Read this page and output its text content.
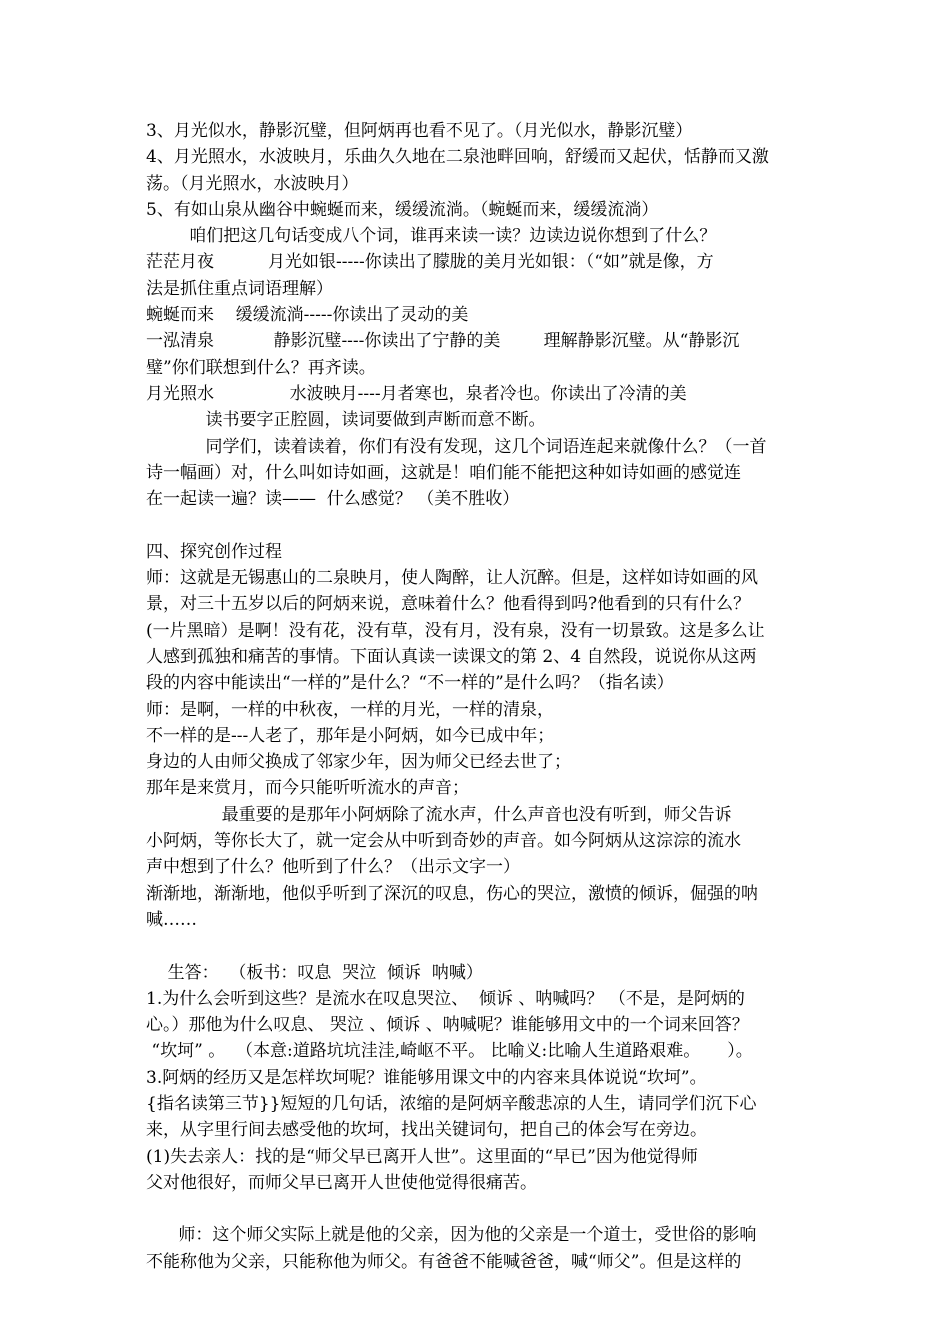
3、月光似水，静影沉璧，但阿炳再也看不见了。（月光似水，静影沉璧）
4、月光照水，水波映月，乐曲久久地在二泉池畔回响，舒缓而又起伏，恬静而又激
荡。（月光照水，水波映月）
5、有如山泉从幽谷中蜿蜒而来，缓缓流淌。（蜿蜒而来，缓缓流淌）
咱们把这几句话变成八个词，谁再来读一读？边读边说你想到了什么？
茫茫月夜          月光如银-----你读出了朦胧的美月光如银：（“如”就是像，方
法是抓住重点词语理解）
蜿蜒而来    缓缓流淌-----你读出了灵动的美
一泓清泉           静影沉璧----你读出了宁静的美        理解静影沉璧。从“静影沉
璧”你们联想到什么？再齐读。
月光照水              水波映月----月者寒也，泉者冷也。你读出了冷清的美
读书要字正腔圆，读词要做到声断而意不断。
同学们，读着读着，你们有没有发现，这几个词语连起来就像什么？（一首
诗一幅画）对，什么叫如诗如画，这就是！咱们能不能把这种如诗如画的感觉连
在一起读一遍？读——  什么感觉？ （美不胜收）
四、探究创作过程
师：这就是无锡惠山的二泉映月，使人陶醉，让人沉醉。但是，这样如诗如画的风
景，对三十五岁以后的阿炳来说，意味着什么？他看得到吗?他看到的只有什么？
(一片黑暗）是啊！没有花，没有草，没有月，没有泉，没有一切景致。这是多么让
人感到孤独和痛苦的事情。下面认真读一读课文的第 2、4 自然段，说说你从这两
段的内容中能读出“一样的”是什么？“不一样的”是什么吗？（指名读）
师：是啊，一样的中秋夜，一样的月光，一样的清泉，
不一样的是---人老了，那年是小阿炳，如今已成中年；
身边的人由师父换成了邻家少年，因为师父已经去世了；
那年是来赏月，而今只能听听流水的声音；
最重要的是那年小阿炳除了流水声，什么声音也没有听到，师父告诉
小阿炳，等你长大了，就一定会从中听到奇妙的声音。如今阿炳从这淙淙的流水
声中想到了什么？他听到了什么？（出示文字一）
渐渐地，渐渐地，他似乎听到了深沉的叹息，伤心的哭泣，激愤的倾诉，倔强的呐
喊……
生答：  （板书：叹息  哭泣  倾诉  呐喊）
1.为什么会听到这些？是流水在叹息哭泣、  倾诉 、呐喊吗？ （不是，是阿炳的
心。）那他为什么叹息、 哭泣 、倾诉 、呐喊呢？谁能够用文中的一个词来回答？
“坎坷” 。  （本意:道路坑坑洼洼,崎岖不平。 比喻义:比喻人生道路艰难。     ）。
3.阿炳的经历又是怎样坎坷呢？谁能够用课文中的内容来具体说说“坎坷”。
{指名读第三节}}短短的几句话，浓缩的是阿炳辛酸悲凉的人生，请同学们沉下心
来，从字里行间去感受他的坎坷，找出关键词句，把自己的体会写在旁边。
(1)失去亲人：找的是“师父早已离开人世”。这里面的“早已”因为他觉得师
父对他很好，而师父早已离开人世使他觉得很痛苦。
师：这个师父实际上就是他的父亲，因为他的父亲是一个道士，受世俗的影响
不能称他为父亲，只能称他为师父。有爸爸不能喊爸爸，喊“师父”。但是这样的
